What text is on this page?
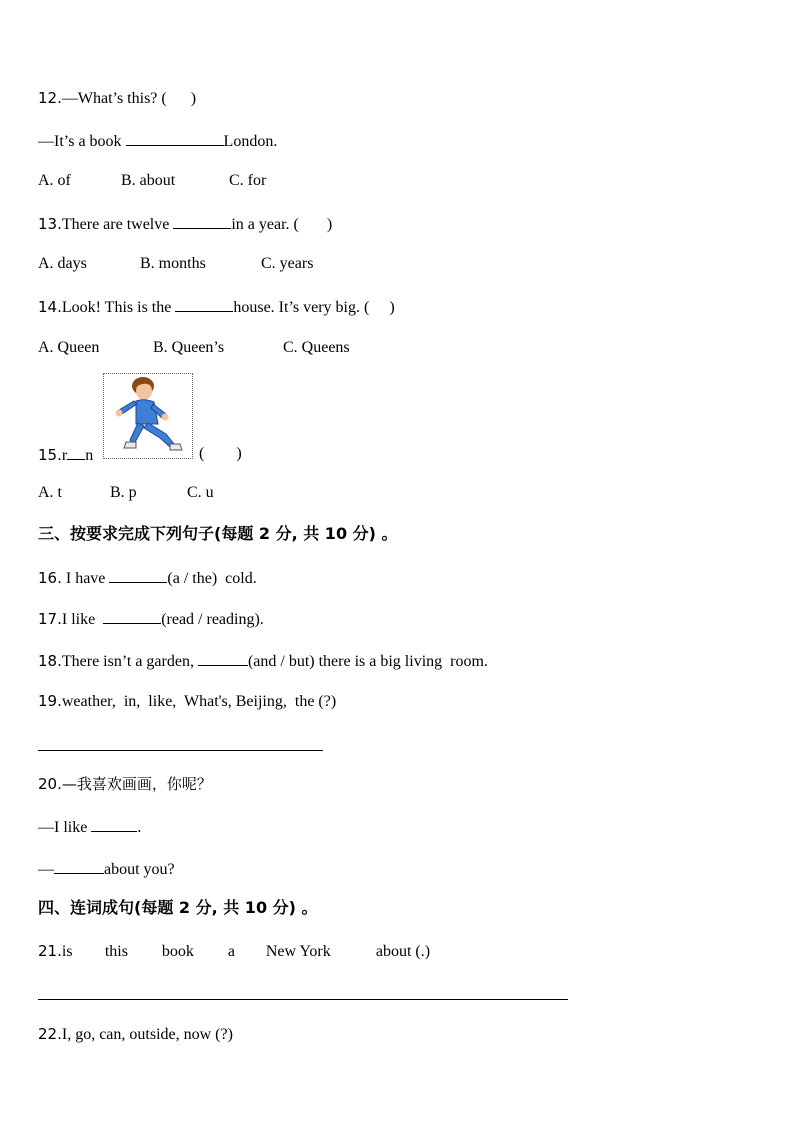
12.—What’s this? (      )
—It’s a book	London.
A. of	B. about	C. for
13.There are twelve	in a year. (       )
A. days	B. months	C. years
14.Look! This is the	house. It’s very big. (     )
A. Queen	B. Queen’s	C. Queens
15.r n	(        )
A. t	B. p	C. u
三、按要求完成下列句子(每题 2 分, 共 10 分) 。
16. I have	(a / the)  cold.
17.I like	(read / reading).
18.There isn’t a garden,	(and / but) there is a big living  room.
19.weather,  in,  like,  What's, Beijing,  the (?)
20.—我喜欢画画，你呢？
—I like	.
—	about you?
四、连词成句(每题 2 分, 共 10 分) 。
21.is this book a New York	about (.)
22.I, go, can, outside, now (?)
